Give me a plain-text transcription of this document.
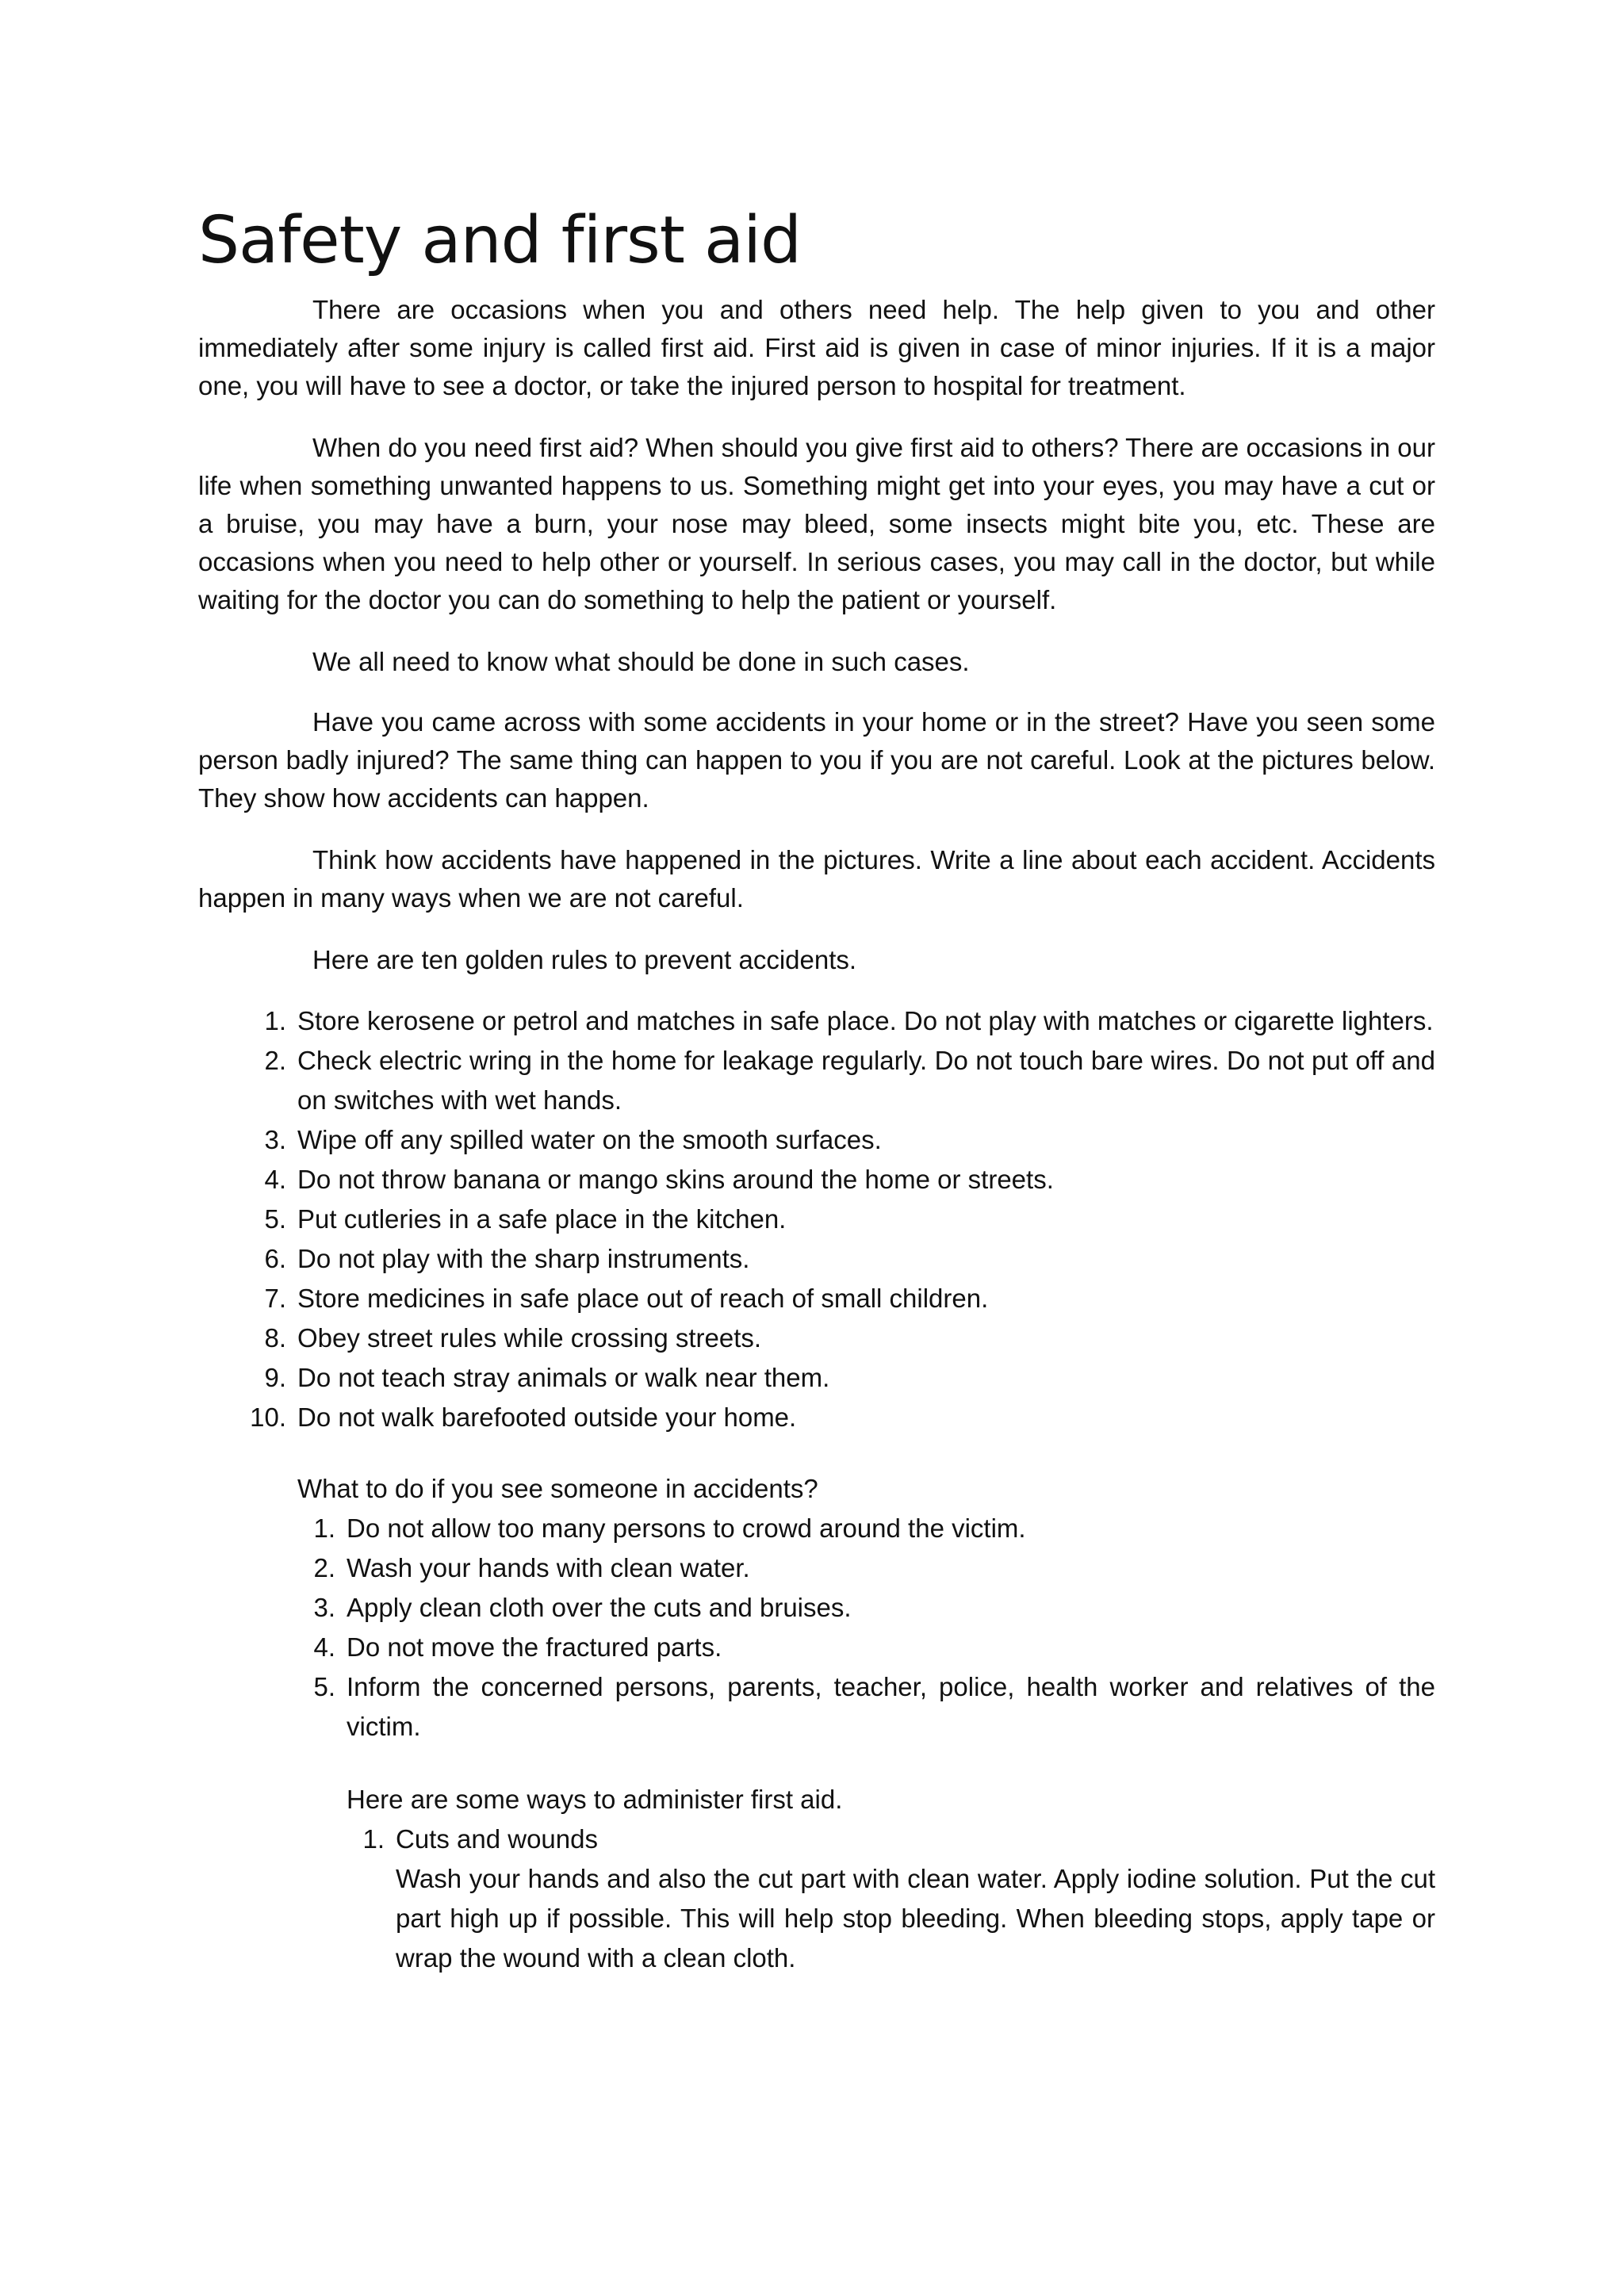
Safety and first aid

There are occasions when you and others need help. The help given to you and other immediately after some injury is called first aid. First aid is given in case of minor injuries. If it is a major one, you will have to see a doctor, or take the injured person to hospital for treatment.

When do you need first aid? When should you give first aid to others? There are occasions in our life when something unwanted happens to us. Something might get into your eyes, you may have a cut or a bruise, you may have a burn, your nose may bleed, some insects might bite you, etc. These are occasions when you need to help other or yourself. In serious cases, you may call in the doctor, but while waiting for the doctor you can do something to help the patient or yourself.

We all need to know what should be done in such cases.

Have you came across with some accidents in your home or in the street? Have you seen some person badly injured? The same thing can happen to you if you are not careful. Look at the pictures below. They show how accidents can happen.

Think how accidents have happened in the pictures. Write a line about each accident. Accidents happen in many ways when we are not careful.

Here are ten golden rules to prevent accidents.

1. Store kerosene or petrol and matches in safe place. Do not play with matches or cigarette lighters.
2. Check electric wring in the home for leakage regularly. Do not touch bare wires. Do not put off and on switches with wet hands.
3. Wipe off any spilled water on the smooth surfaces.
4. Do not throw banana or mango skins around the home or streets.
5. Put cutleries in a safe place in the kitchen.
6. Do not play with the sharp instruments.
7. Store medicines in safe place out of reach of small children.
8. Obey street rules while crossing streets.
9. Do not teach stray animals or walk near them.
10. Do not walk barefooted outside your home.

What to do if you see someone in accidents?

1. Do not allow too many persons to crowd around the victim.
2. Wash your hands with clean water.
3. Apply clean cloth over the cuts and bruises.
4. Do not move the fractured parts.
5. Inform the concerned persons, parents, teacher, police, health worker and relatives of the victim.

Here are some ways to administer first aid.

1. Cuts and wounds

Wash your hands and also the cut part with clean water. Apply iodine solution. Put the cut part high up if possible. This will help stop bleeding. When bleeding stops, apply tape or wrap the wound with a clean cloth.
